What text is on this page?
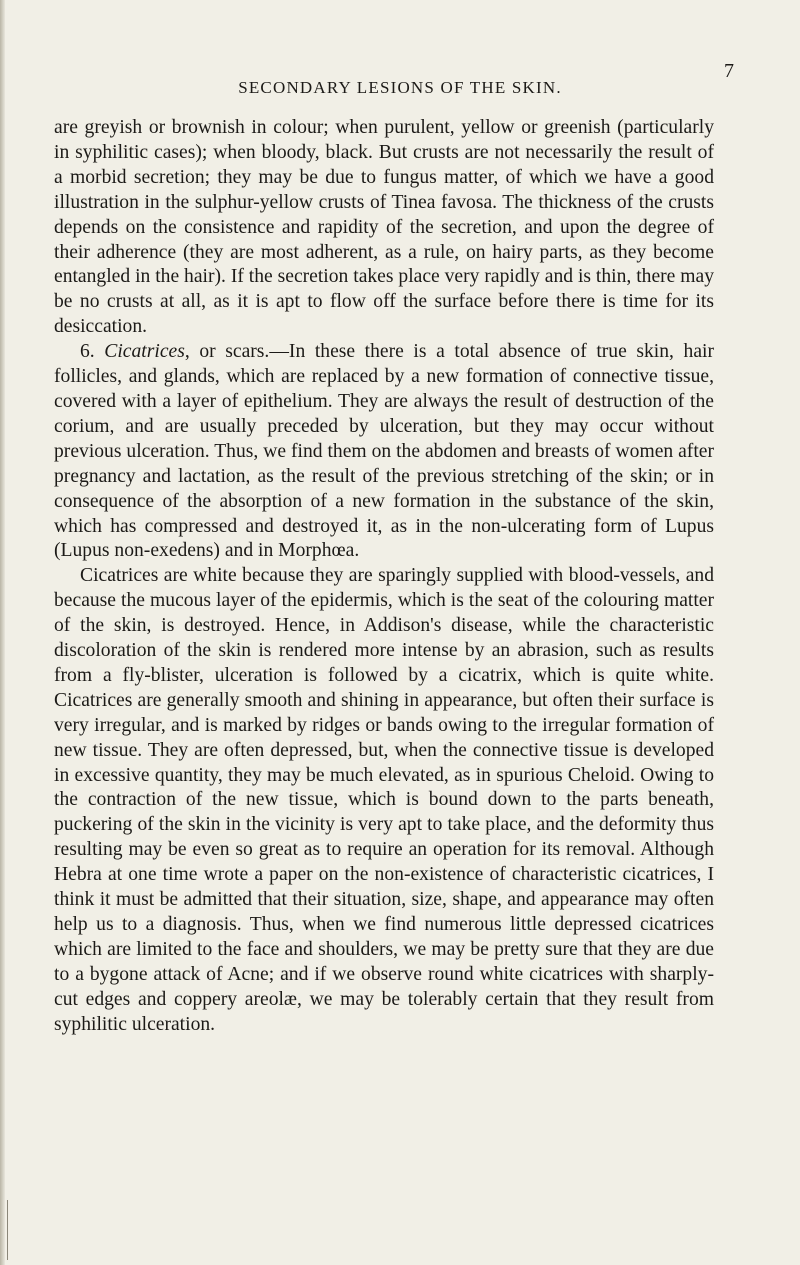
SECONDARY LESIONS OF THE SKIN.
7

are greyish or brownish in colour; when purulent, yellow or greenish (particularly in syphilitic cases); when bloody, black. But crusts are not necessarily the result of a morbid secretion; they may be due to fungus matter, of which we have a good illustration in the sulphur-yellow crusts of Tinea favosa. The thickness of the crusts depends on the consistence and rapidity of the secretion, and upon the degree of their adherence (they are most adherent, as a rule, on hairy parts, as they become entangled in the hair). If the secretion takes place very rapidly and is thin, there may be no crusts at all, as it is apt to flow off the surface before there is time for its desiccation.

6. Cicatrices, or scars.—In these there is a total absence of true skin, hair follicles, and glands, which are replaced by a new formation of connective tissue, covered with a layer of epithelium. They are always the result of destruction of the corium, and are usually preceded by ulceration, but they may occur without previous ulceration. Thus, we find them on the abdomen and breasts of women after pregnancy and lactation, as the result of the previous stretching of the skin; or in consequence of the absorption of a new formation in the substance of the skin, which has compressed and destroyed it, as in the non-ulcerating form of Lupus (Lupus non-exedens) and in Morphœa.

Cicatrices are white because they are sparingly supplied with blood-vessels, and because the mucous layer of the epidermis, which is the seat of the colouring matter of the skin, is destroyed. Hence, in Addison's disease, while the characteristic discoloration of the skin is rendered more intense by an abrasion, such as results from a fly-blister, ulceration is followed by a cicatrix, which is quite white. Cicatrices are generally smooth and shining in appearance, but often their surface is very irregular, and is marked by ridges or bands owing to the irregular formation of new tissue. They are often depressed, but, when the connective tissue is developed in excessive quantity, they may be much elevated, as in spurious Cheloid. Owing to the contraction of the new tissue, which is bound down to the parts beneath, puckering of the skin in the vicinity is very apt to take place, and the deformity thus resulting may be even so great as to require an operation for its removal. Although Hebra at one time wrote a paper on the non-existence of characteristic cicatrices, I think it must be admitted that their situation, size, shape, and appearance may often help us to a diagnosis. Thus, when we find numerous little depressed cicatrices which are limited to the face and shoulders, we may be pretty sure that they are due to a bygone attack of Acne; and if we observe round white cicatrices with sharply-cut edges and coppery areolæ, we may be tolerably certain that they result from syphilitic ulceration.
